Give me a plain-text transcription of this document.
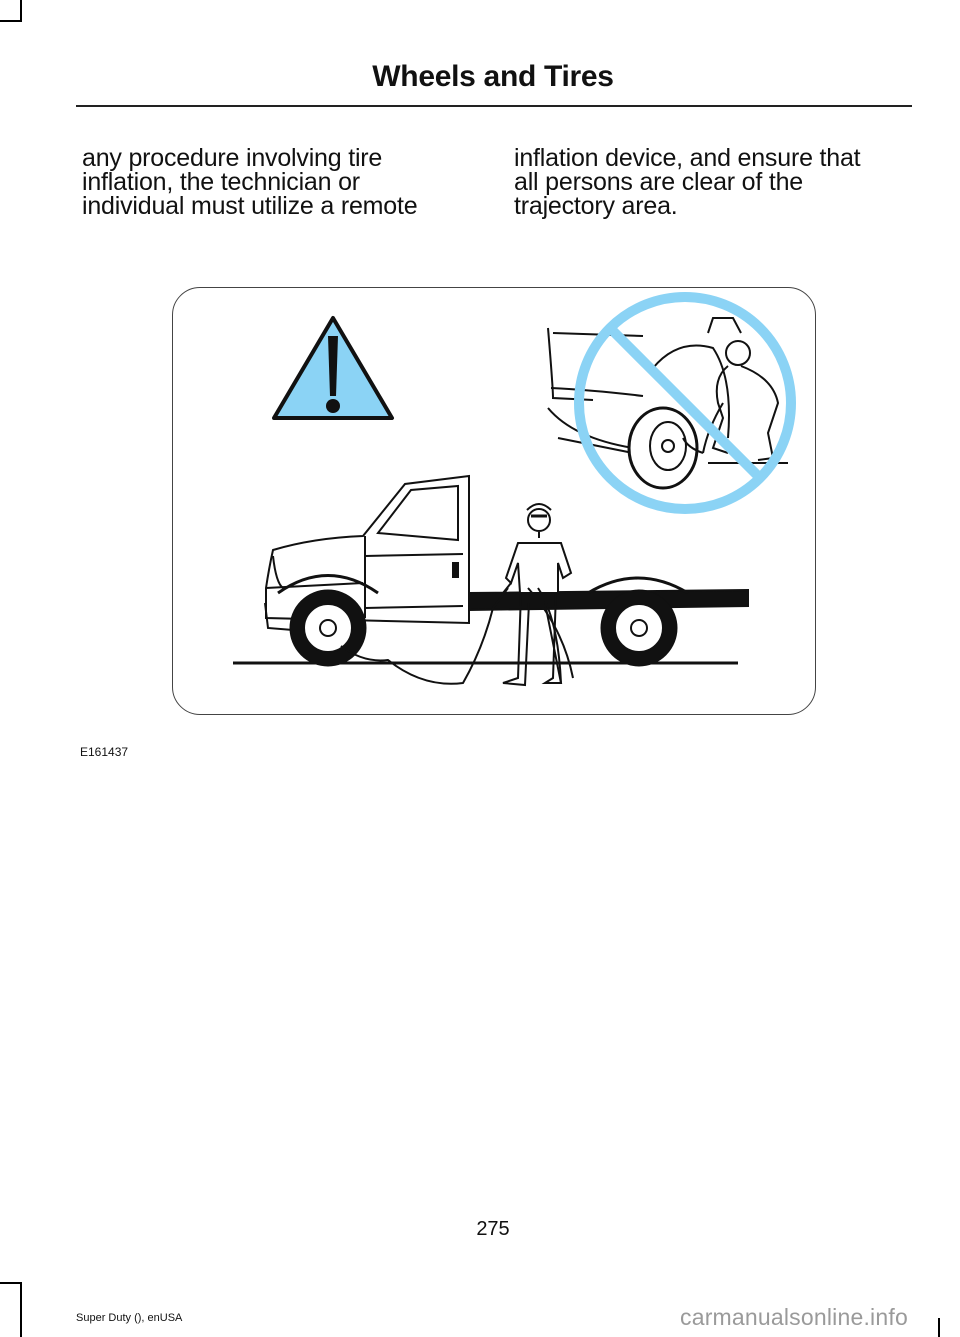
Wheels and Tires
any procedure involving tire
inflation, the technician or
individual must utilize a remote
inflation device, and ensure that
all persons are clear of the
trajectory area.
E161437
275
Super Duty (), enUSA	carmanualsonline.info
